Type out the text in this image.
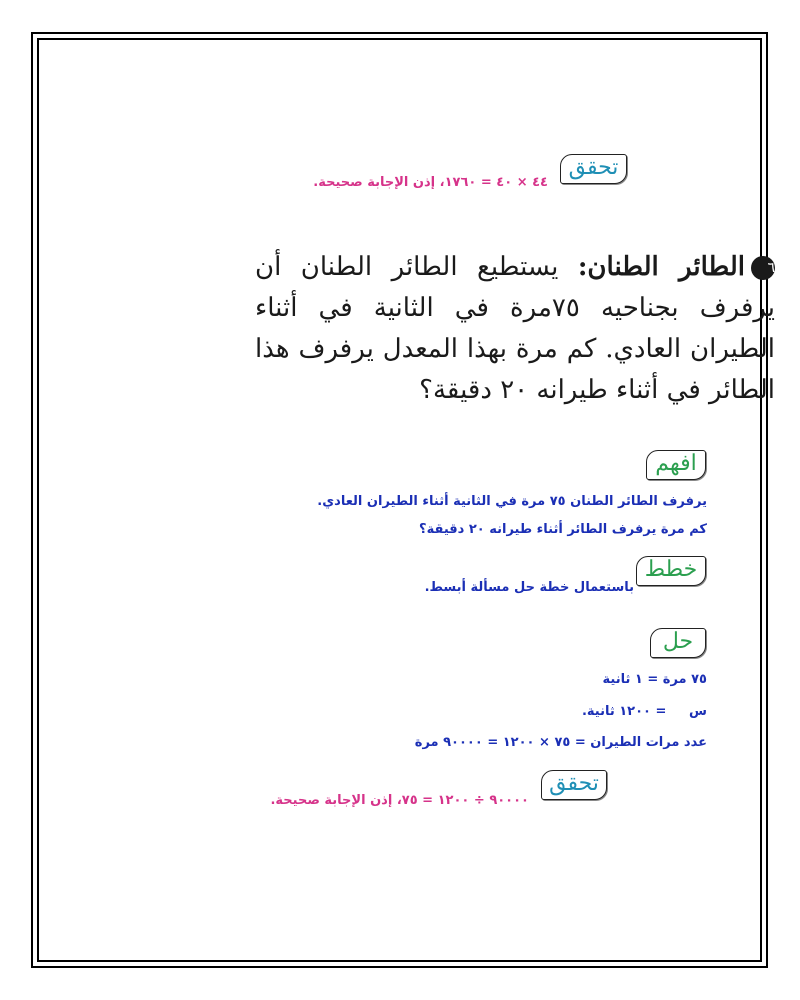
تحقق
٤٤ × ٤٠ = ١٧٦٠، إذن الإجابة صحيحة.
٦الطائر الطنان: يستطيع الطائر الطنان أن يرفرف بجناحيه ٧٥مرة في الثانية في أثناء الطيران العادي. كم مرة بهذا المعدل يرفرف هذا الطائر في أثناء طيرانه ٢٠ دقيقة؟
افهم
يرفرف الطائر الطنان ٧٥ مرة في الثانية أثناء الطيران العادي.
كم مرة يرفرف الطائر أثناء طيرانه ٢٠ دقيقة؟
خطط
باستعمال خطة حل مسألة أبسط.
حل
٧٥ مرة = ١ ثانية
س     = ١٢٠٠ ثانية.
عدد مرات الطيران = ٧٥ × ١٢٠٠ = ٩٠٠٠٠ مرة
تحقق
٩٠٠٠٠ ÷ ١٢٠٠ = ٧٥، إذن الإجابة صحيحة.
